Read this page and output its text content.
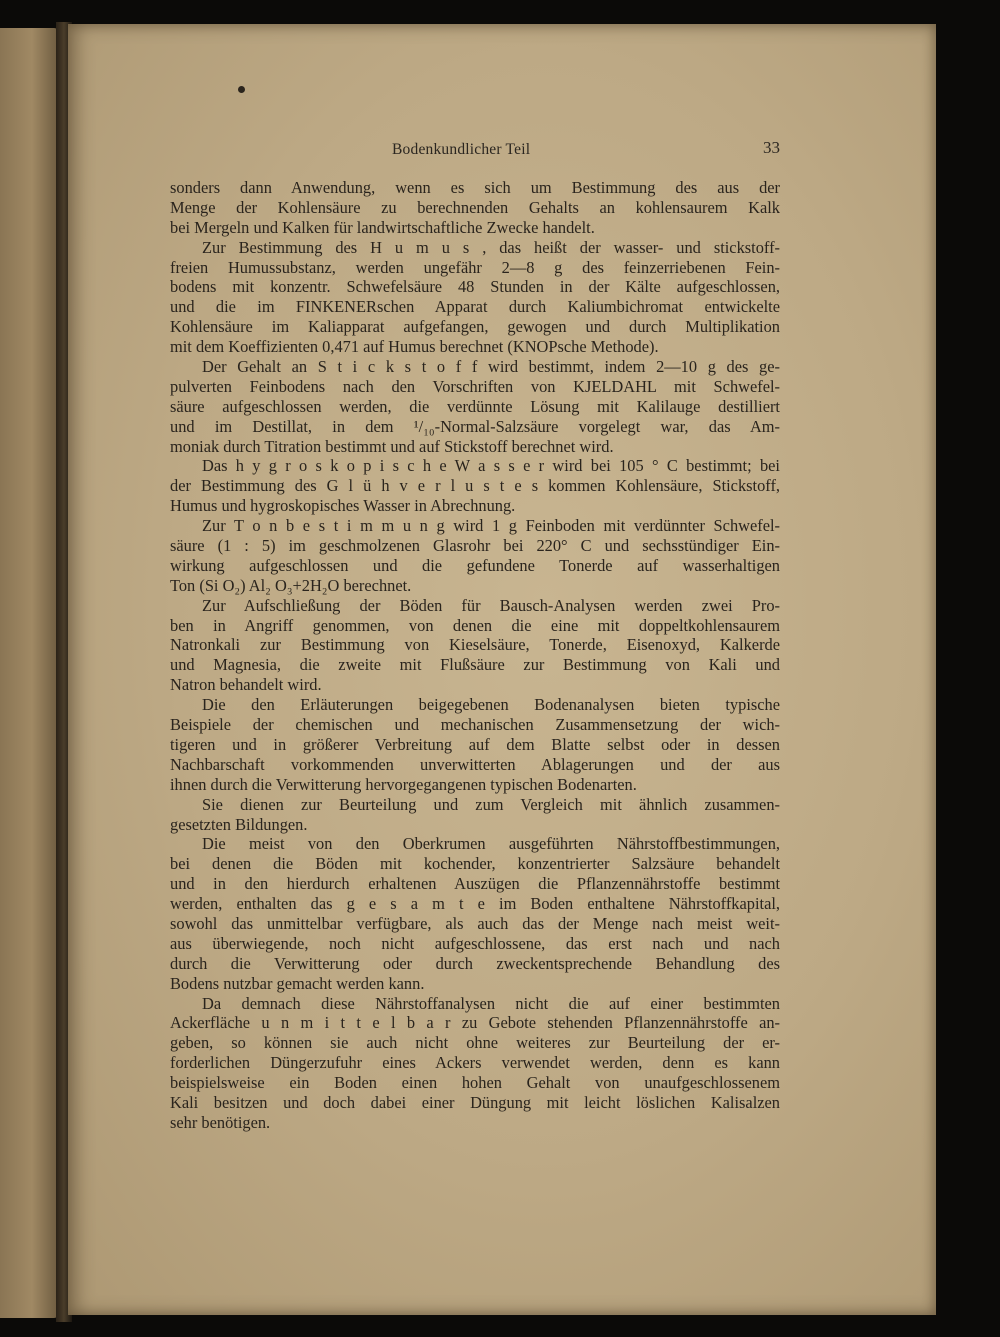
Bodenkundlicher Teil	33
sonders dann Anwendung, wenn es sich um Bestimmung des aus der
Menge der Kohlensäure zu berechnenden Gehalts an kohlensaurem Kalk
bei Mergeln und Kalken für landwirtschaftliche Zwecke handelt.
Zur Bestimmung des H u m u s , das heißt der wasser- und stickstoff-
freien Humussubstanz, werden ungefähr 2—8 g des feinzerriebenen Fein-
bodens mit konzentr. Schwefelsäure 48 Stunden in der Kälte aufgeschlossen,
und die im FINKENERschen Apparat durch Kaliumbichromat entwickelte
Kohlensäure im Kaliapparat aufgefangen, gewogen und durch Multiplikation
mit dem Koeffizienten 0,471 auf Humus berechnet (KNOPsche Methode).
Der Gehalt an S t i c k s t o f f wird bestimmt, indem 2—10 g des ge-
pulverten Feinbodens nach den Vorschriften von KJELDAHL mit Schwefel-
säure aufgeschlossen werden, die verdünnte Lösung mit Kalilauge destilliert
und im Destillat, in dem ¹/₁₀-Normal-Salzsäure vorgelegt war, das Am-
moniak durch Titration bestimmt und auf Stickstoff berechnet wird.
Das h y g r o s k o p i s c h e W a s s e r wird bei 105 ° C bestimmt; bei
der Bestimmung des G l ü h v e r l u s t e s kommen Kohlensäure, Stickstoff,
Humus und hygroskopisches Wasser in Abrechnung.
Zur T o n b e s t i m m u n g wird 1 g Feinboden mit verdünnter Schwefel-
säure (1 : 5) im geschmolzenen Glasrohr bei 220° C und sechsstündiger Ein-
wirkung aufgeschlossen und die gefundene Tonerde auf wasserhaltigen
Ton (Si O₂) Al₂ O₃+2H₂O berechnet.
Zur Aufschließung der Böden für Bausch-Analysen werden zwei Pro-
ben in Angriff genommen, von denen die eine mit doppeltkohlensaurem
Natronkali zur Bestimmung von Kieselsäure, Tonerde, Eisenoxyd, Kalkerde
und Magnesia, die zweite mit Flußsäure zur Bestimmung von Kali und
Natron behandelt wird.
Die den Erläuterungen beigegebenen Bodenanalysen bieten typische
Beispiele der chemischen und mechanischen Zusammensetzung der wich-
tigeren und in größerer Verbreitung auf dem Blatte selbst oder in dessen
Nachbarschaft vorkommenden unverwitterten Ablagerungen und der aus
ihnen durch die Verwitterung hervorgegangenen typischen Bodenarten.
Sie dienen zur Beurteilung und zum Vergleich mit ähnlich zusammen-
gesetzten Bildungen.
Die meist von den Oberkrumen ausgeführten Nährstoffbestimmungen,
bei denen die Böden mit kochender, konzentrierter Salzsäure behandelt
und in den hierdurch erhaltenen Auszügen die Pflanzennährstoffe bestimmt
werden, enthalten das g e s a m t e im Boden enthaltene Nährstoffkapital,
sowohl das unmittelbar verfügbare, als auch das der Menge nach meist weit-
aus überwiegende, noch nicht aufgeschlossene, das erst nach und nach
durch die Verwitterung oder durch zweckentsprechende Behandlung des
Bodens nutzbar gemacht werden kann.
Da demnach diese Nährstoffanalysen nicht die auf einer bestimmten
Ackerfläche u n m i t t e l b a r zu Gebote stehenden Pflanzennährstoffe an-
geben, so können sie auch nicht ohne weiteres zur Beurteilung der er-
forderlichen Düngerzufuhr eines Ackers verwendet werden, denn es kann
beispielsweise ein Boden einen hohen Gehalt von unaufgeschlossenem
Kali besitzen und doch dabei einer Düngung mit leicht löslichen Kalisalzen
sehr benötigen.
